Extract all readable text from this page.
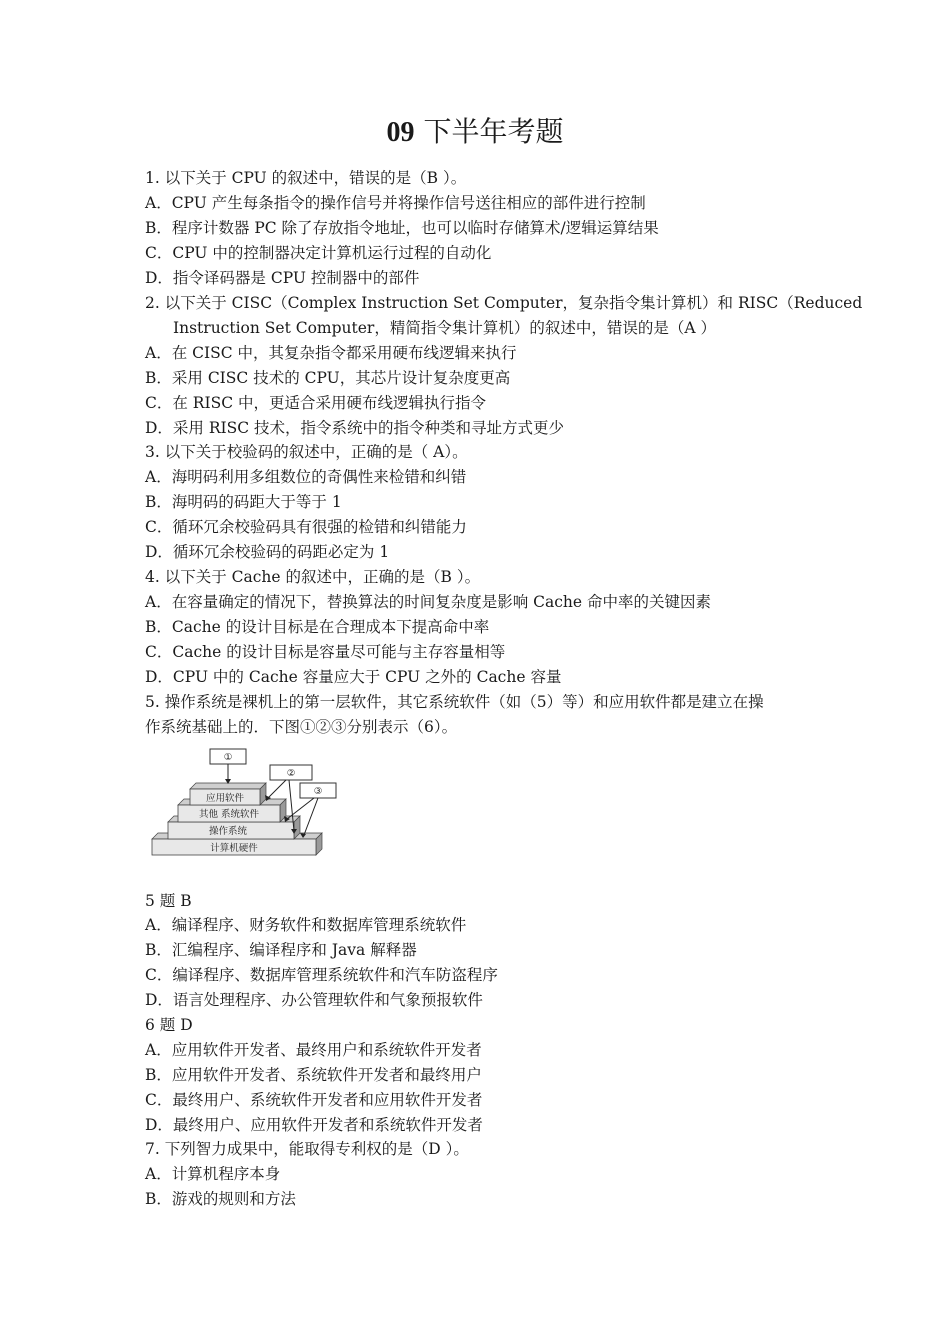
09 下半年考题
1. 以下关于 CPU 的叙述中，错误的是（B ）。
A．CPU 产生每条指令的操作信号并将操作信号送往相应的部件进行控制
B．程序计数器 PC 除了存放指令地址，也可以临时存储算术/逻辑运算结果
C．CPU 中的控制器决定计算机运行过程的自动化
D．指令译码器是 CPU 控制器中的部件
2. 以下关于 CISC（Complex Instruction Set Computer，复杂指令集计算机）和 RISC（Reduced
Instruction Set Computer，精简指令集计算机）的叙述中，错误的是（A ）
A．在 CISC 中，其复杂指令都采用硬布线逻辑来执行
B．采用 CISC 技术的 CPU，其芯片设计复杂度更高
C．在 RISC 中，更适合采用硬布线逻辑执行指令
D．采用 RISC 技术，指令系统中的指令种类和寻址方式更少
3. 以下关于校验码的叙述中，正确的是（ A）。
A．海明码利用多组数位的奇偶性来检错和纠错
B．海明码的码距大于等于 1
C．循环冗余校验码具有很强的检错和纠错能力
D．循环冗余校验码的码距必定为 1
4. 以下关于 Cache 的叙述中，正确的是（B ）。
A．在容量确定的情况下，替换算法的时间复杂度是影响 Cache 命中率的关键因素
B．Cache 的设计目标是在合理成本下提高命中率
C．Cache 的设计目标是容量尽可能与主存容量相等
D．CPU 中的 Cache 容量应大于 CPU 之外的 Cache 容量
5. 操作系统是裸机上的第一层软件，其它系统软件（如（5）等）和应用软件都是建立在操
作系统基础上的．下图①②③分别表示（6）。
①
②
③
计算机硬件
操作系统
其他 系统软件
应用软件
5 题 B
A．编译程序、财务软件和数据库管理系统软件
B．汇编程序、编译程序和 Java 解释器
C．编译程序、数据库管理系统软件和汽车防盗程序
D．语言处理程序、办公管理软件和气象预报软件
6 题 D
A．应用软件开发者、最终用户和系统软件开发者
B．应用软件开发者、系统软件开发者和最终用户
C．最终用户、系统软件开发者和应用软件开发者
D．最终用户、应用软件开发者和系统软件开发者
7. 下列智力成果中，能取得专利权的是（D ）。
A．计算机程序本身
B．游戏的规则和方法
